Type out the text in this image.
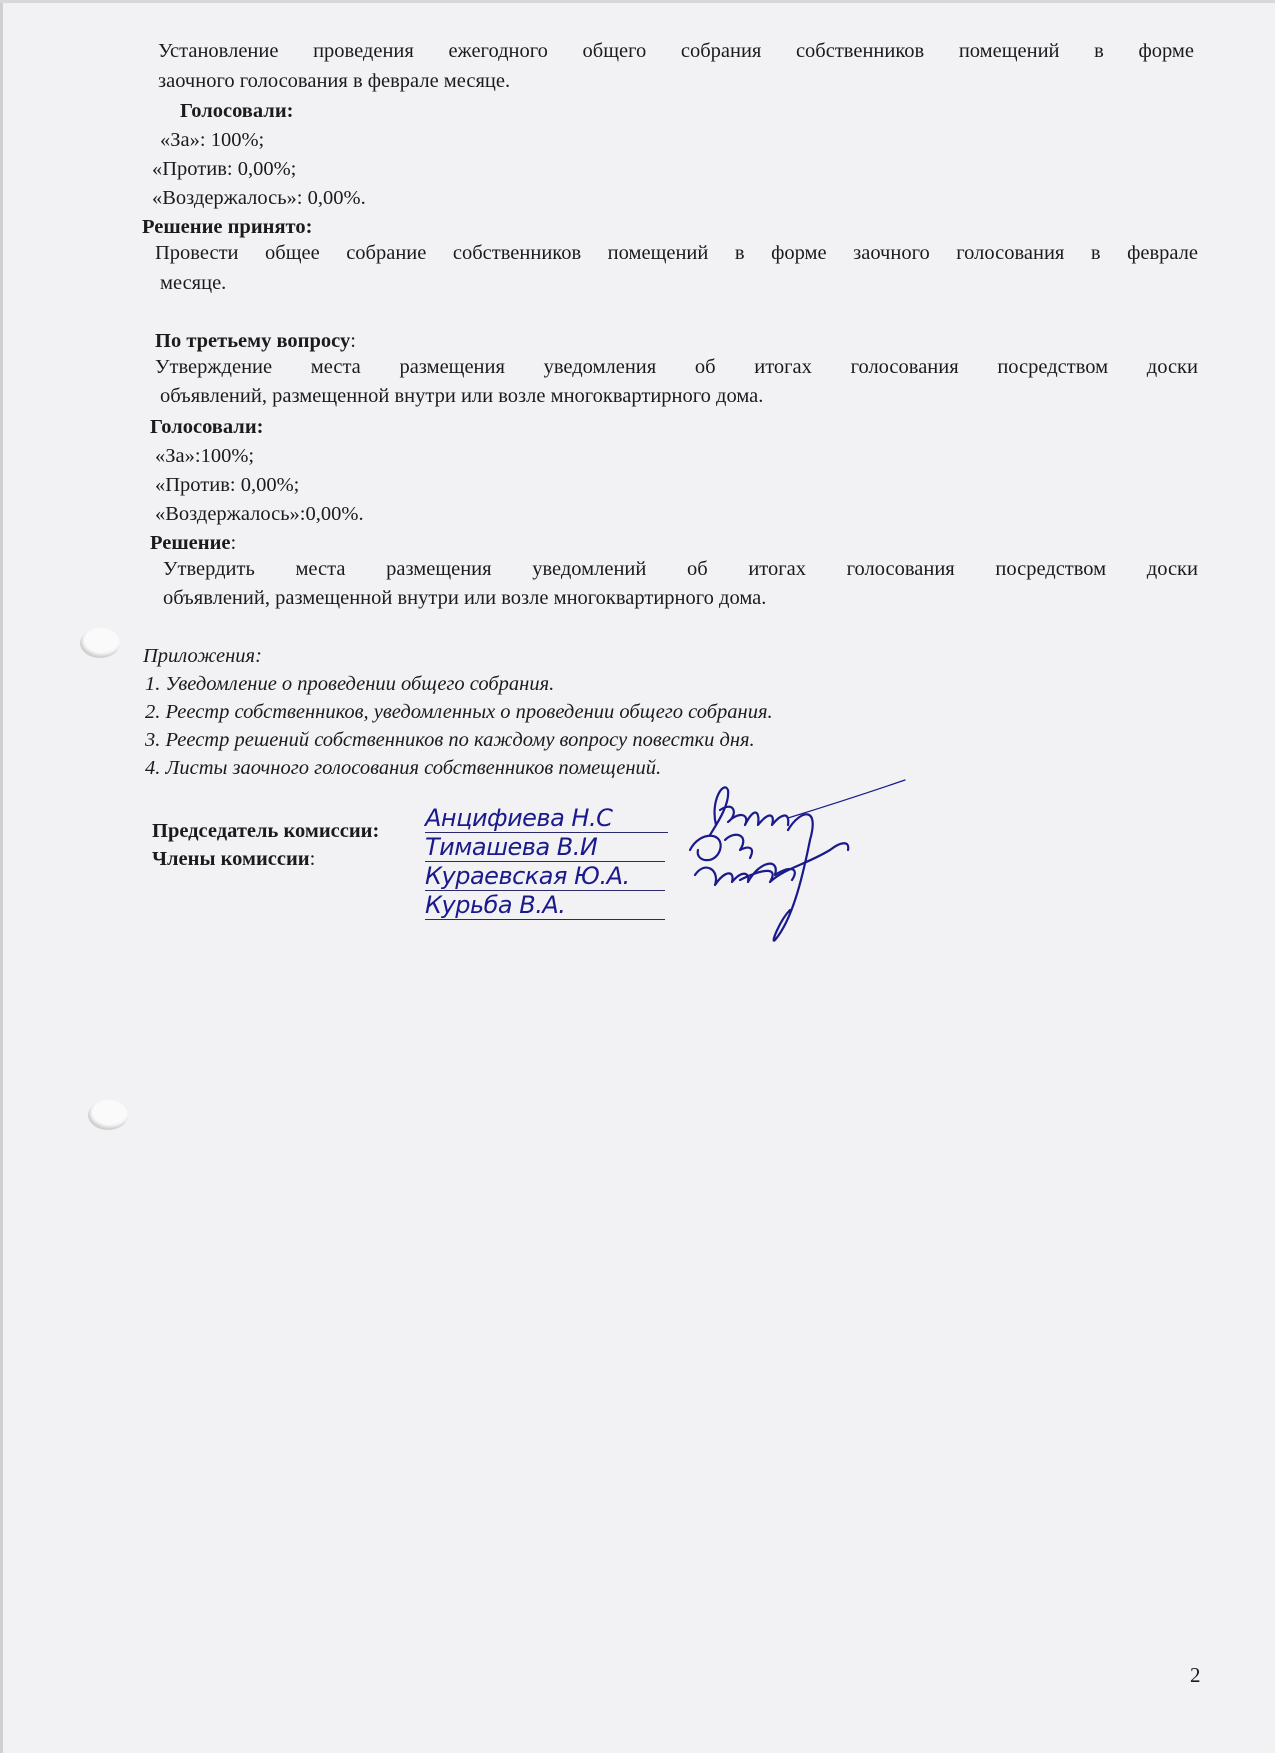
Установление проведения ежегодного общего собрания собственников помещений в форме
заочного голосования в феврале месяце.
Голосовали:
«За»: 100%;
«Против: 0,00%;
«Воздержалось»: 0,00%.
Решение принято:
Провести общее собрание собственников помещений в форме заочного голосования в феврале
месяце.
По третьему вопросу:
Утверждение места размещения уведомления об итогах голосования посредством доски
объявлений, размещенной внутри или возле многоквартирного дома.
Голосовали:
«За»:100%;
«Против: 0,00%;
«Воздержалось»:0,00%.
Решение:
Утвердить места размещения уведомлений об итогах голосования посредством доски
объявлений, размещенной внутри или возле многоквартирного дома.
Приложения:
1. Уведомление о проведении общего собрания.
2. Реестр собственников, уведомленных о проведении общего собрания.
3. Реестр решений собственников по каждому вопросу повестки дня.
4. Листы заочного голосования собственников помещений.
Председатель комиссии:
Члены комиссии:
Анцифиева Н.С
Тимашева В.И
Кураевская Ю.А.
Курьба В.А.
2
